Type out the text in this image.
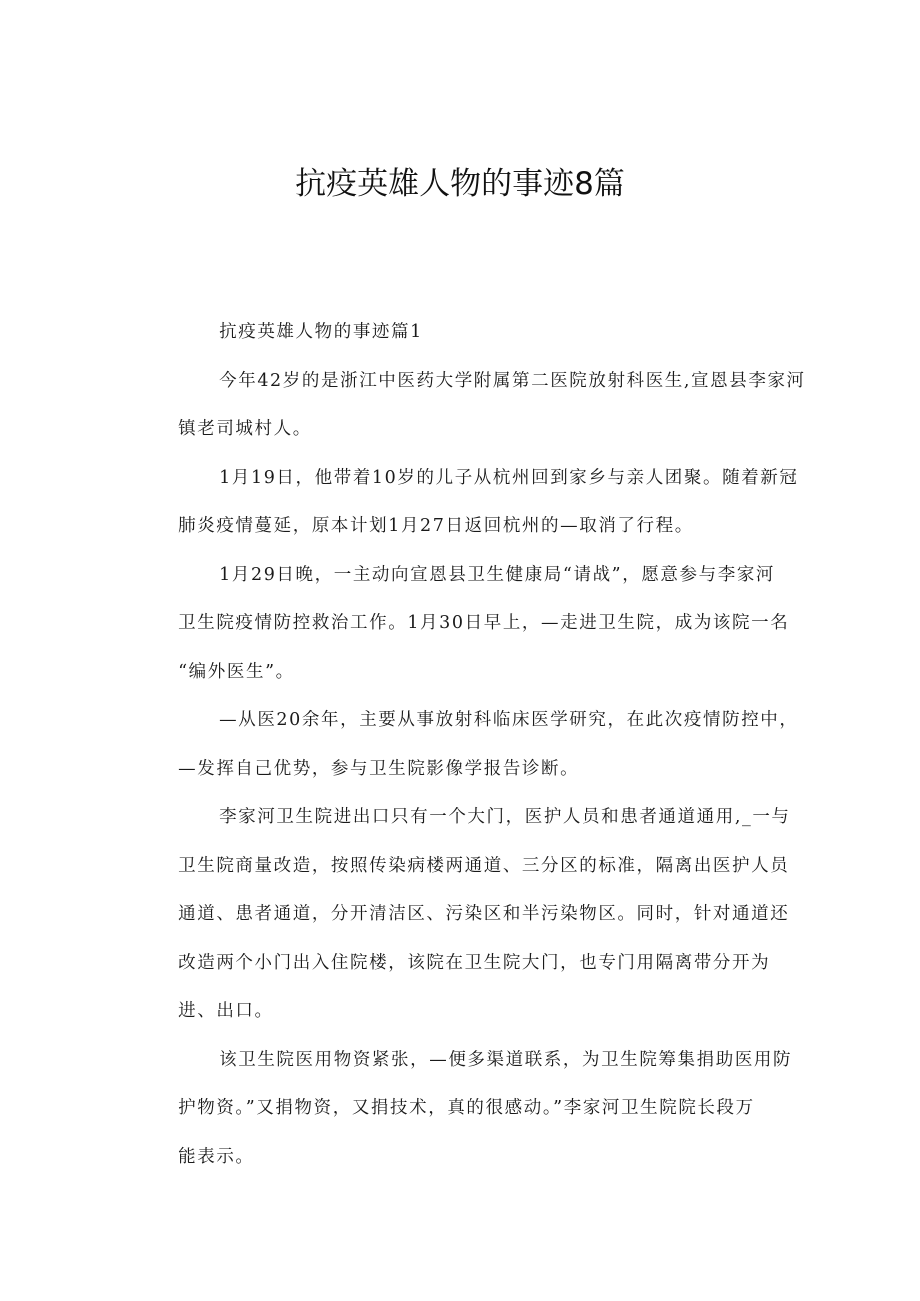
抗疫英雄人物的事迹8篇
抗疫英雄人物的事迹篇1
今年42岁的是浙江中医药大学附属第二医院放射科医生,宣恩县李家河
镇老司城村人。
1月19日，他带着10岁的儿子从杭州回到家乡与亲人团聚。随着新冠
肺炎疫情蔓延，原本计划1月27日返回杭州的—取消了行程。
1月29日晚，一主动向宣恩县卫生健康局“请战”，愿意参与李家河
卫生院疫情防控救治工作。1月30日早上，—走进卫生院，成为该院一名
“编外医生”。
—从医20余年，主要从事放射科临床医学研究，在此次疫情防控中，
—发挥自己优势，参与卫生院影像学报告诊断。
李家河卫生院进出口只有一个大门，医护人员和患者通道通用,_一与
卫生院商量改造，按照传染病楼两通道、三分区的标准，隔离出医护人员
通道、患者通道，分开清洁区、污染区和半污染物区。同时，针对通道还
改造两个小门出入住院楼，该院在卫生院大门，也专门用隔离带分开为
进、出口。
该卫生院医用物资紧张，—便多渠道联系，为卫生院筹集捐助医用防
护物资。”又捐物资，又捐技术，真的很感动。”李家河卫生院院长段万
能表示。
